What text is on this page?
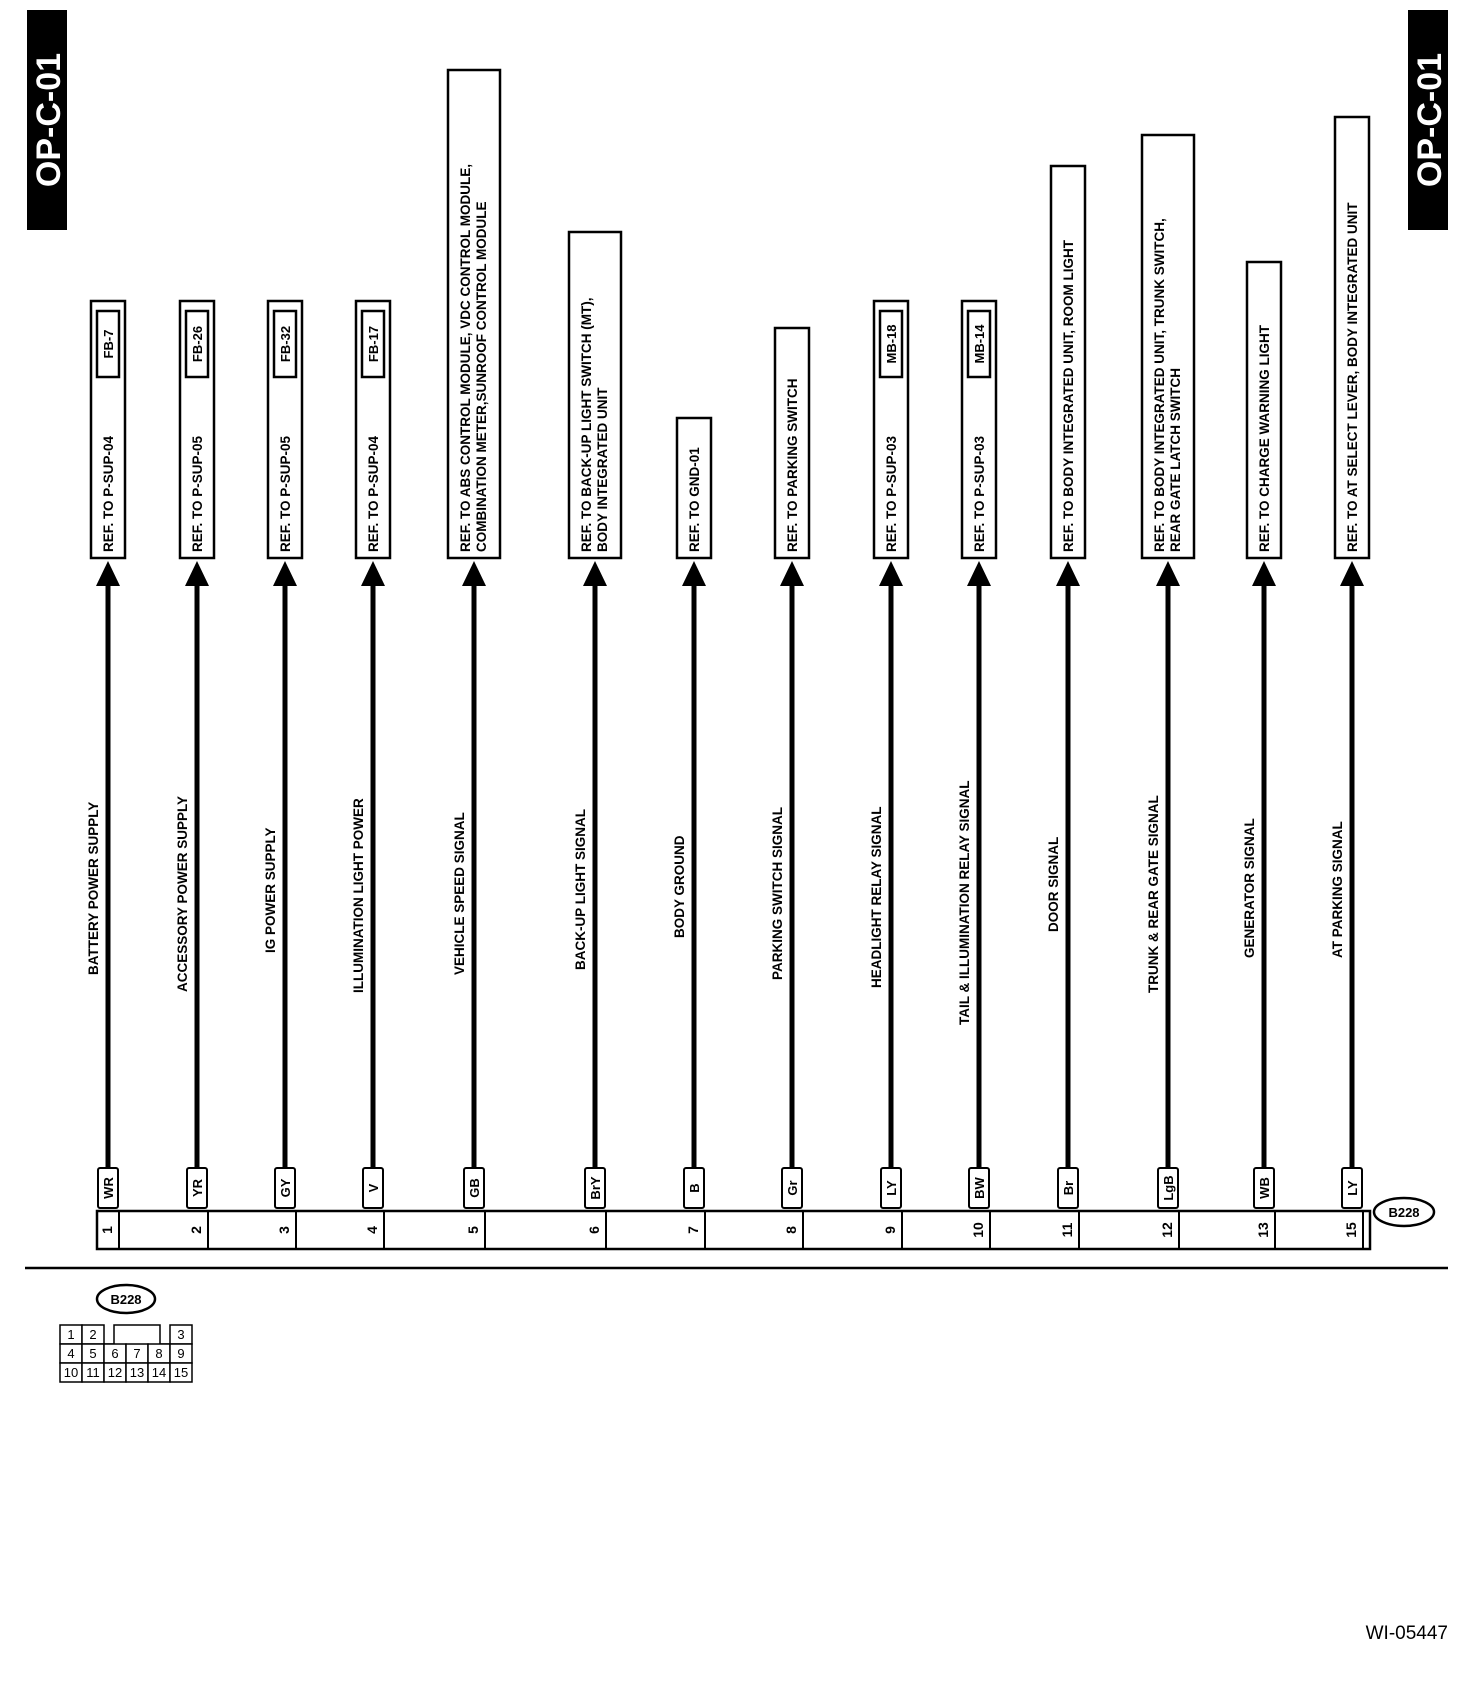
OP-C-01	OP-C-01
REF. TO P-SUP-04
FB-7
BATTERY POWER SUPPLY
WR
1
REF. TO P-SUP-05
FB-26
ACCESSORY POWER SUPPLY
YR
2
REF. TO P-SUP-05
FB-32
IG POWER SUPPLY
GY
3
REF. TO P-SUP-04
FB-17
ILLUMINATION LIGHT POWER
V
4
REF. TO ABS CONTROL MODULE, VDC CONTROL MODULE, COMBINATION METER,SUNROOF CONTROL MODULE
VEHICLE SPEED SIGNAL
GB
5
REF. TO BACK-UP LIGHT SWITCH (MT), BODY INTEGRATED UNIT
BACK-UP LIGHT SIGNAL
BrY
6
REF. TO GND-01
BODY GROUND
B
7
REF. TO PARKING SWITCH
PARKING SWITCH SIGNAL
Gr
8
REF. TO P-SUP-03
MB-18
HEADLIGHT RELAY SIGNAL
LY
9
REF. TO P-SUP-03
MB-14
TAIL & ILLUMINATION RELAY SIGNAL
BW
10
REF. TO BODY INTEGRATED UNIT, ROOM LIGHT
DOOR SIGNAL
Br
11
REF. TO BODY INTEGRATED UNIT, TRUNK SWITCH, REAR GATE LATCH SWITCH
TRUNK & REAR GATE SIGNAL
LgB
12
REF. TO CHARGE WARNING LIGHT
GENERATOR SIGNAL
WB
13
REF. TO AT SELECT LEVER, BODY INTEGRATED UNIT
AT PARKING SIGNAL
LY
15
B228
B228
1 2	3
4 5 6 7 8 9
10 11 12 13 14 15
WI-05447
